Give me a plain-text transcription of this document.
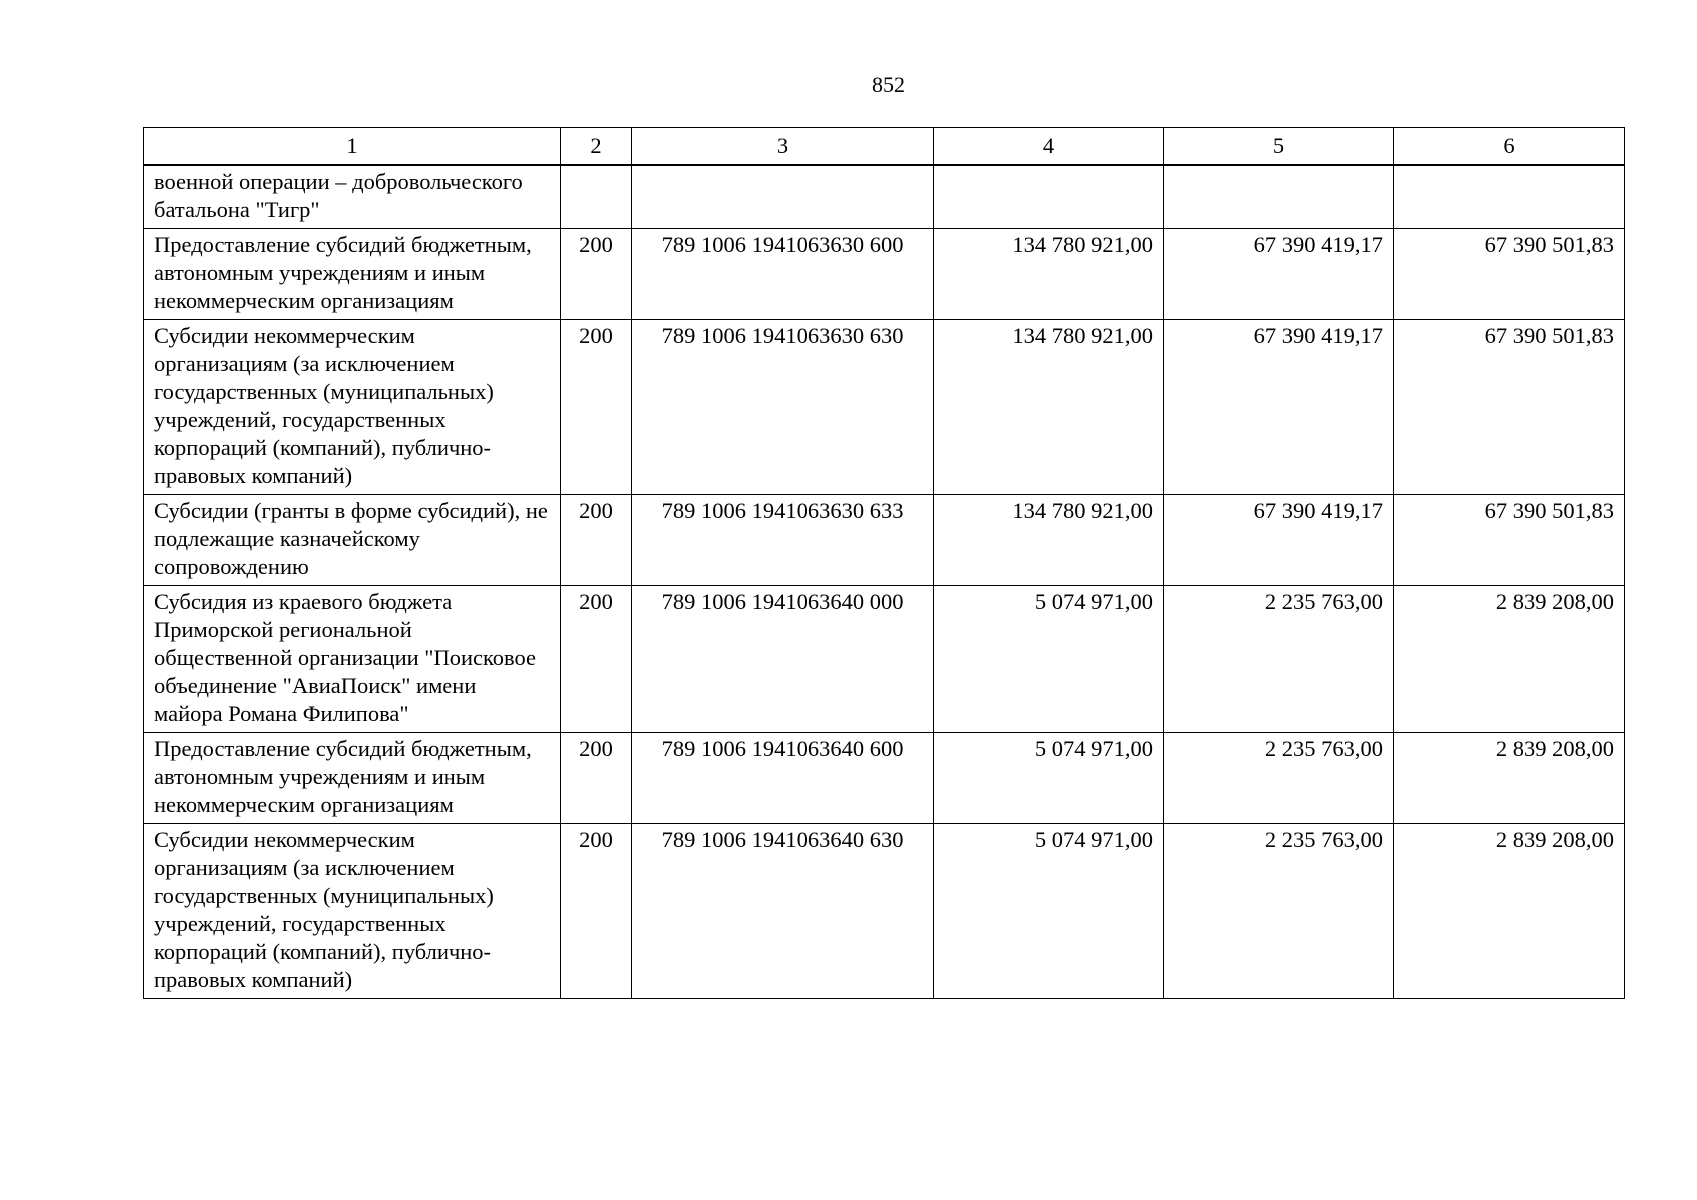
852
1	2	3	4	5	6
военной операции – добровольческого батальона "Тигр"					
Предоставление субсидий бюджетным, автономным учреждениям и иным некоммерческим организациям	200	789 1006 1941063630 600	134 780 921,00	67 390 419,17	67 390 501,83
Субсидии некоммерческим организациям (за исключением государственных (муниципальных) учреждений, государственных корпораций (компаний), публично-правовых компаний)	200	789 1006 1941063630 630	134 780 921,00	67 390 419,17	67 390 501,83
Субсидии (гранты в форме субсидий), не подлежащие казначейскому сопровождению	200	789 1006 1941063630 633	134 780 921,00	67 390 419,17	67 390 501,83
Субсидия из краевого бюджета Приморской региональной общественной организации "Поисковое объединение "АвиаПоиск" имени майора Романа Филипова"	200	789 1006 1941063640 000	5 074 971,00	2 235 763,00	2 839 208,00
Предоставление субсидий бюджетным, автономным учреждениям и иным некоммерческим организациям	200	789 1006 1941063640 600	5 074 971,00	2 235 763,00	2 839 208,00
Субсидии некоммерческим организациям (за исключением государственных (муниципальных) учреждений, государственных корпораций (компаний), публично-правовых компаний)	200	789 1006 1941063640 630	5 074 971,00	2 235 763,00	2 839 208,00
